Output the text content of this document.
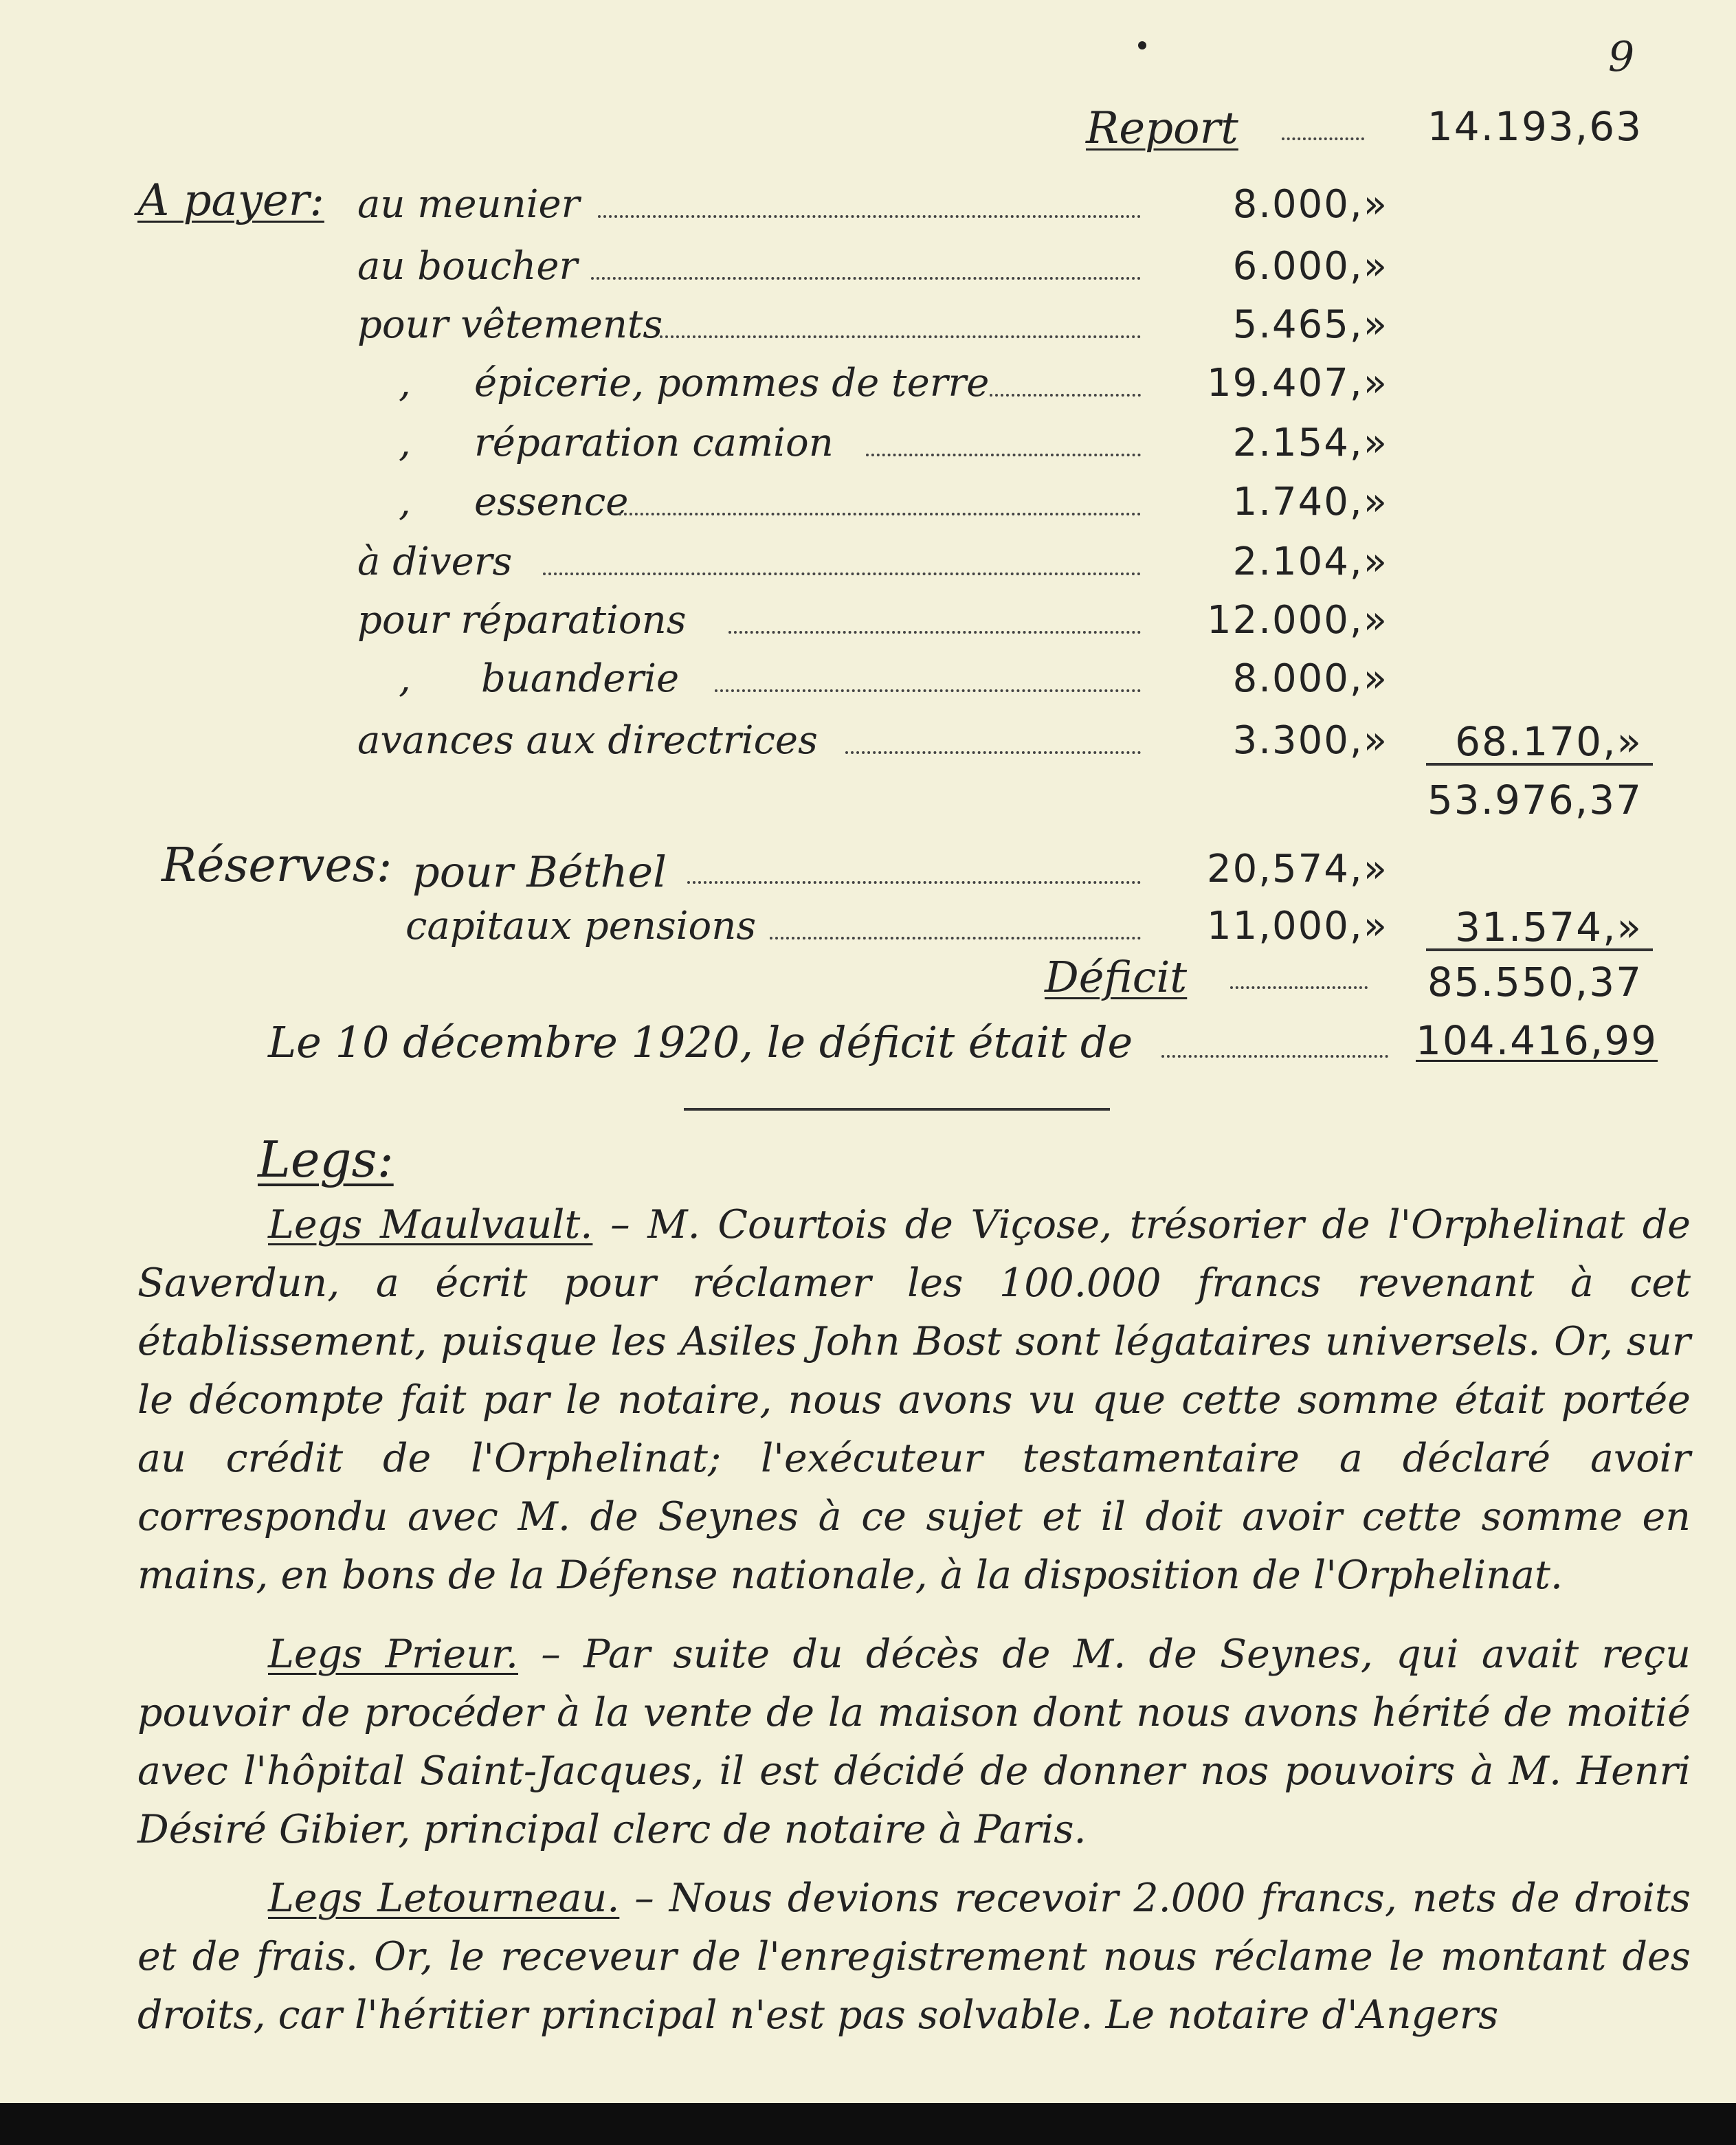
9
Report	14.193,63
A payer: au meunier	8.000,»
au boucher	6.000,»
pour vêtements	5.465,»
, épicerie, pommes de terre	19.407,»
, réparation camion	2.154,»
, essence	1.740,»
à divers	2.104,»
pour réparations	12.000,»
, buanderie	8.000,»
avances aux directrices	3.300,»	68.170,»
53.976,37
Réserves: pour Béthel	20,574,»
capitaux pensions	11,000,»	31.574,»
Déficit	85.550,37
Le 10 décembre 1920, le déficit était de	104.416,99
Legs:
Legs Maulvault. – M. Courtois de Viçose, trésorier de l'Orphelinat de Saverdun, a écrit pour réclamer les 100.000 francs revenant à cet établissement, puisque les Asiles John Bost sont légataires universels. Or, sur le décompte fait par le notaire, nous avons vu que cette somme était portée au crédit de l'Orphelinat; l'exécuteur testamentaire a déclaré avoir correspondu avec M. de Seynes à ce sujet et il doit avoir cette somme en mains, en bons de la Défense nationale, à la disposition de l'Orphelinat.
Legs Prieur. – Par suite du décès de M. de Seynes, qui avait reçu pouvoir de procéder à la vente de la maison dont nous avons hérité de moitié avec l'hôpital Saint-Jacques, il est décidé de donner nos pouvoirs à M. Henri Désiré Gibier, principal clerc de notaire à Paris.
Legs Letourneau. – Nous devions recevoir 2.000 francs, nets de droits et de frais. Or, le receveur de l'enregistrement nous réclame le montant des droits, car l'héritier principal n'est pas solvable. Le notaire d'Angers
